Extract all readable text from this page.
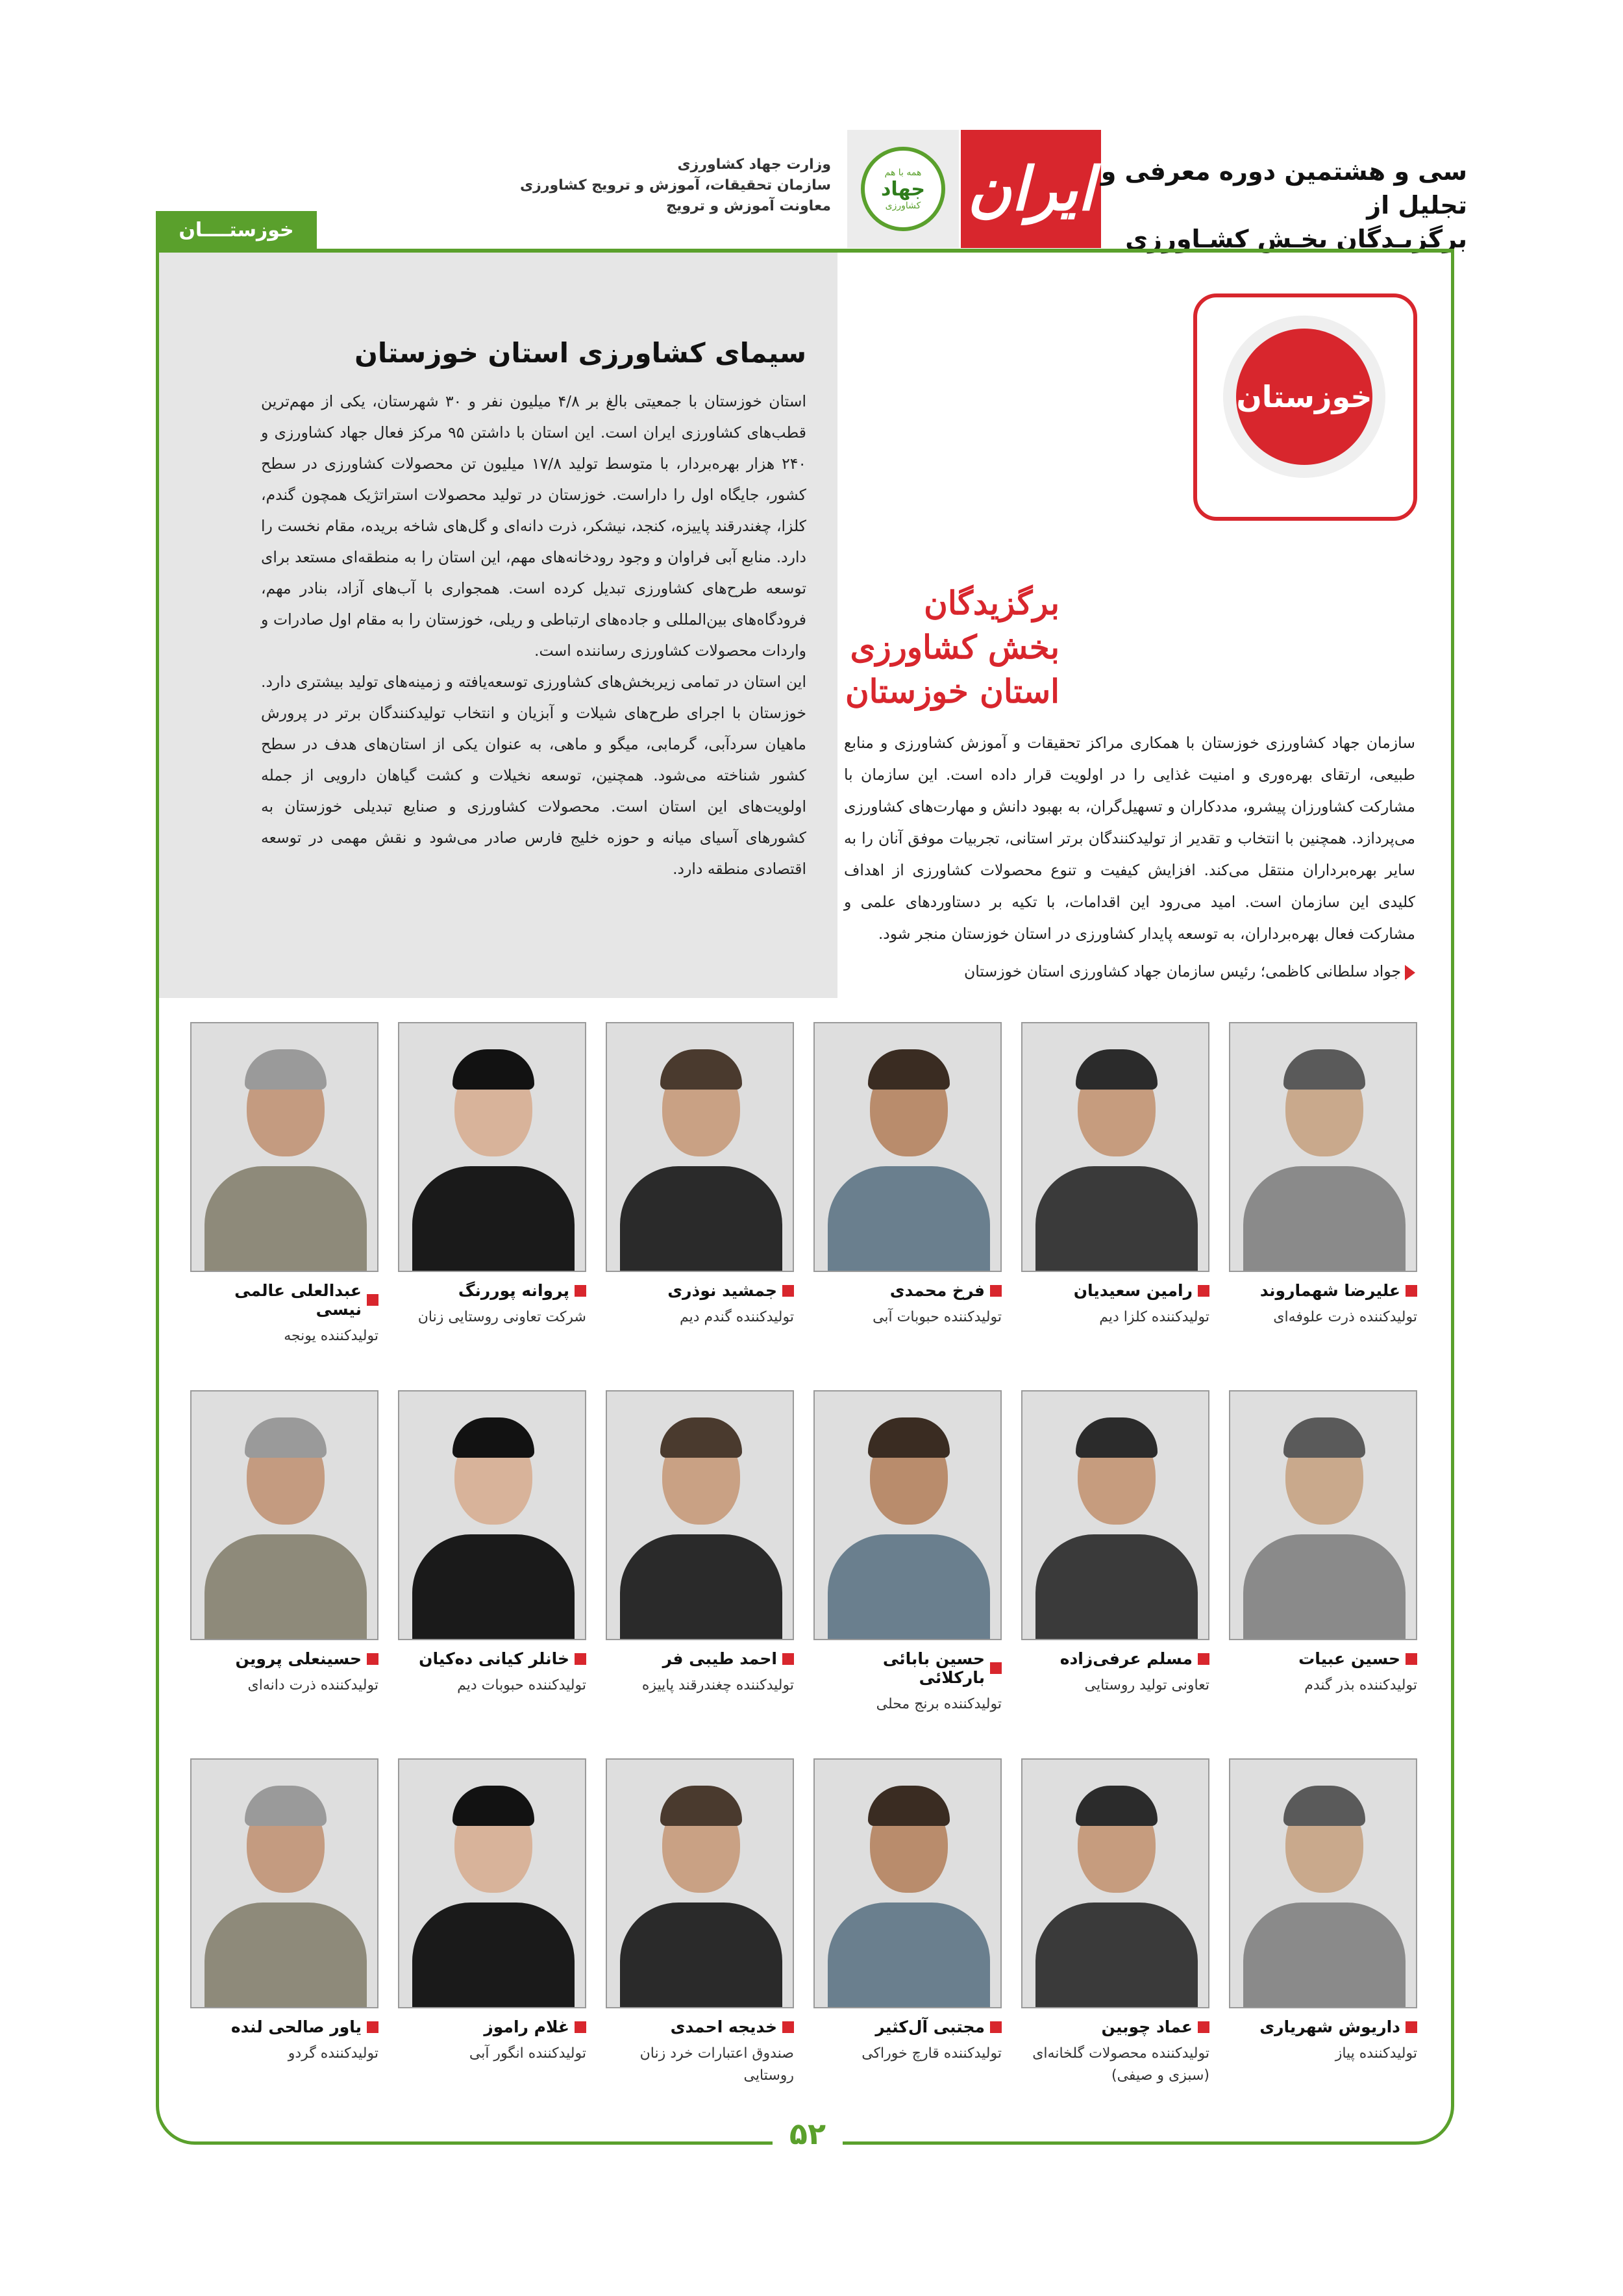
ایران
همه با هم
جهاد
کشاورزی
سی و هشتمین دوره معرفی و تجلیل از
برگزیـدگان بخـش کشـاورزی
وزارت جهاد کشاورزی
سازمان تحقیقات، آموزش و ترویج کشاورزی
معاونت آموزش و ترویج
خوزستــــان
سیمای کشاورزی استان خوزستان

استان خوزستان با جمعیتی بالغ بر ۴/۸ میلیون نفر و ۳۰ شهرستان، یکی از مهم‌ترین قطب‌های کشاورزی ایران است. این استان با داشتن ۹۵ مرکز فعال جهاد کشاورزی و ۲۴۰ هزار بهره‌بردار، با متوسط تولید ۱۷/۸ میلیون تن محصولات کشاورزی در سطح کشور، جایگاه اول را داراست. خوزستان در تولید محصولات استراتژیک همچون گندم، کلزا، چغندرقند پاییزه، کنجد، نیشکر، ذرت دانه‌ای و گل‌های شاخه بریده، مقام نخست را دارد. منابع آبی فراوان و وجود رودخانه‌های مهم، این استان را به منطقه‌ای مستعد برای توسعه طرح‌های کشاورزی تبدیل کرده است. همجواری با آب‌های آزاد، بنادر مهم، فرودگاه‌های بین‌المللی و جاده‌های ارتباطی و ریلی، خوزستان را به مقام اول صادرات و واردات محصولات کشاورزی رساننده است.

این استان در تمامی زیربخش‌های کشاورزی توسعه‌یافته و زمینه‌های تولید بیشتری دارد. خوزستان با اجرای طرح‌های شیلات و آبزیان و انتخاب تولیدکنندگان برتر در پرورش ماهیان سردآبی، گرمابی، میگو و ماهی، به عنوان یکی از استان‌های هدف در سطح کشور شناخته می‌شود. همچنین، توسعه نخیلات و کشت گیاهان دارویی از جمله اولویت‌های این استان است. محصولات کشاورزی و صنایع تبدیلی خوزستان به کشورهای آسیای میانه و حوزه خلیج فارس صادر می‌شود و نقش مهمی در توسعه اقتصادی منطقه دارد.

خوزستان
برگزیدگان
بخش کشاورزی
استان خوزستان
سازمان جهاد کشاورزی خوزستان با همکاری مراکز تحقیقات و آموزش کشاورزی و منابع طبیعی، ارتقای بهره‌وری و امنیت غذایی را در اولویت قرار داده است. این سازمان با مشارکت کشاورزان پیشرو، مددکاران و تسهیل‌گران، به بهبود دانش و مهارت‌های کشاورزی می‌پردازد. همچنین با انتخاب و تقدیر از تولیدکنندگان برتر استانی، تجربیات موفق آنان را به سایر بهره‌برداران منتقل می‌کند. افزایش کیفیت و تنوع محصولات کشاورزی از اهداف کلیدی این سازمان است. امید می‌رود این اقدامات، با تکیه بر دستاوردهای علمی و مشارکت فعال بهره‌برداران، به توسعه پایدار کشاورزی در استان خوزستان منجر شود.
جواد سلطانی کاظمی؛ رئیس سازمان جهاد کشاورزی استان خوزستان
علیرضا شهماروند
تولیدکننده ذرت علوفه‌ای
رامین سعیدیان
تولیدکننده کلزا دیم
فرخ محمدی
تولیدکننده حبوبات آبی
جمشید نوذری
تولیدکننده گندم دیم
پروانه پوررنگ
شرکت تعاونی روستایی زنان
عبدالعلی عالمی نیسی
تولیدکننده یونجه
حسین عبیات
تولیدکننده بذر گندم
مسلم عرفی‌زاده
تعاونی تولید روستایی
حسین بابائی بارکلائی
تولیدکننده برنج محلی
احمد طیبی فر
تولیدکننده چغندرقند پاییزه
خانلر کیانی ده‌کیان
تولیدکننده حبوبات دیم
حسینعلی پروین
تولیدکننده ذرت دانه‌ای
داریوش شهریاری
تولیدکننده پیاز
عماد چوبین
تولیدکننده محصولات گلخانه‌ای
(سبزی و صیفی)
مجتبی آل‌کثیر
تولیدکننده قارچ خوراکی
خدیجه احمدی
صندوق اعتبارات خرد زنان
روستایی
غلام راموز
تولیدکننده انگور آبی
یاور صالحی لنده
تولیدکننده گردو
۵۲
